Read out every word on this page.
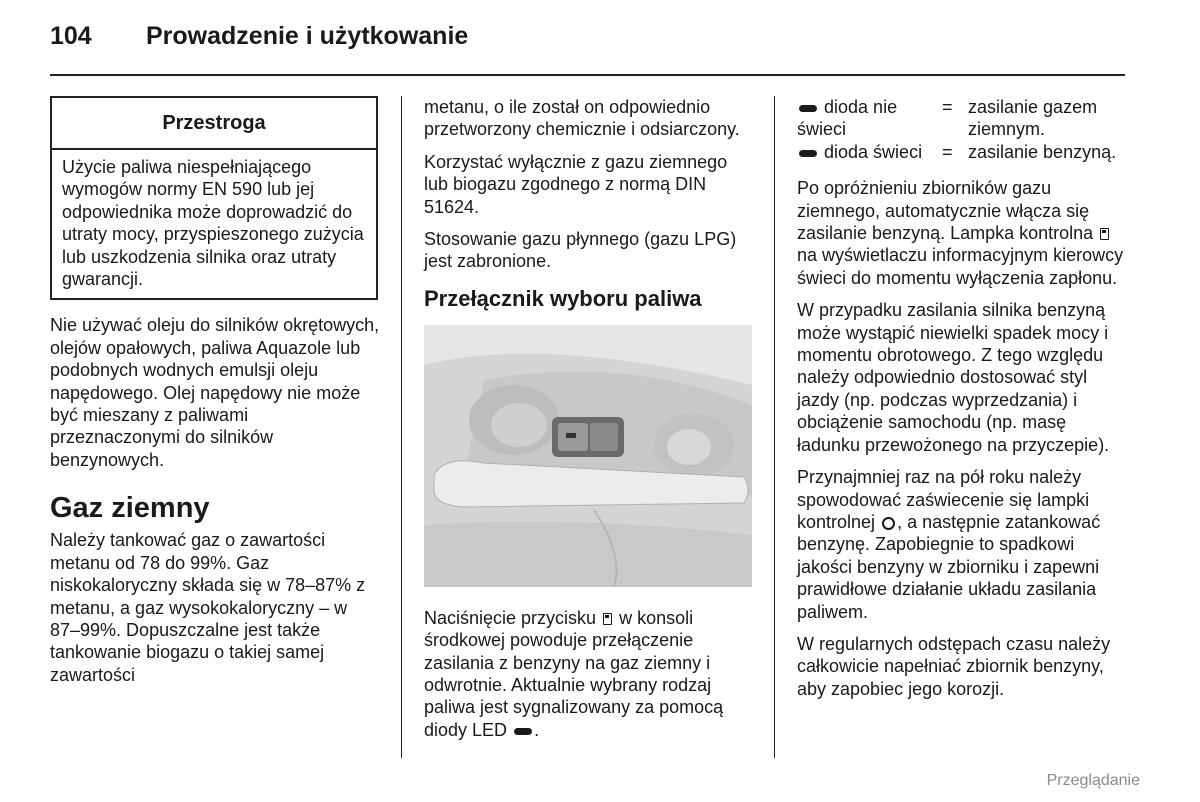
104	Prowadzenie i użytkowanie
Przestroga
Użycie paliwa niespełniającego wymogów normy EN 590 lub jej odpowiednika może doprowadzić do utraty mocy, przyspieszonego zużycia lub uszkodzenia silnika oraz utraty gwarancji.

Nie używać oleju do silników okrętowych, olejów opałowych, paliwa Aquazole lub podobnych wodnych emulsji oleju napędowego. Olej napędowy nie może być mieszany z paliwami przeznaczonymi do silników benzynowych.

Gaz ziemny

Należy tankować gaz o zawartości metanu od 78 do 99%. Gaz niskokaloryczny składa się w 78–87% z metanu, a gaz wysokokaloryczny – w 87–99%. Dopuszczalne jest także tankowanie biogazu o takiej samej zawartości

metanu, o ile został on odpowiednio przetworzony chemicznie i odsiarczony.

Korzystać wyłącznie z gazu ziemnego lub biogazu zgodnego z normą DIN 51624.

Stosowanie gazu płynnego (gazu LPG) jest zabronione.

Przełącznik wyboru paliwa

Naciśnięcie przycisku w konsoli środkowej powoduje przełączenie zasilania z benzyny na gaz ziemny i odwrotnie. Aktualnie wybrany rodzaj paliwa jest sygnalizowany za pomocą diody LED .

dioda nie świeci
= zasilanie gazem ziemnym.
dioda świeci	= zasilanie benzyną.

Po opróżnieniu zbiorników gazu ziemnego, automatycznie włącza się zasilanie benzyną. Lampka kontrolna  na wyświetlaczu informacyjnym kierowcy świeci do momentu wyłączenia zapłonu.

W przypadku zasilania silnika benzyną może wystąpić niewielki spadek mocy i momentu obrotowego. Z tego względu należy odpowiednio dostosować styl jazdy (np. podczas wyprzedzania) i obciążenie samochodu (np. masę ładunku przewożonego na przyczepie).

Przynajmniej raz na pół roku należy spowodować zaświecenie się lampki kontrolnej , a następnie zatankować benzynę. Zapobiegnie to spadkowi jakości benzyny w zbiorniku i zapewni prawidłowe działanie układu zasilania paliwem.

W regularnych odstępach czasu należy całkowicie napełniać zbiornik benzyny, aby zapobiec jego korozji.

Przeglądanie
